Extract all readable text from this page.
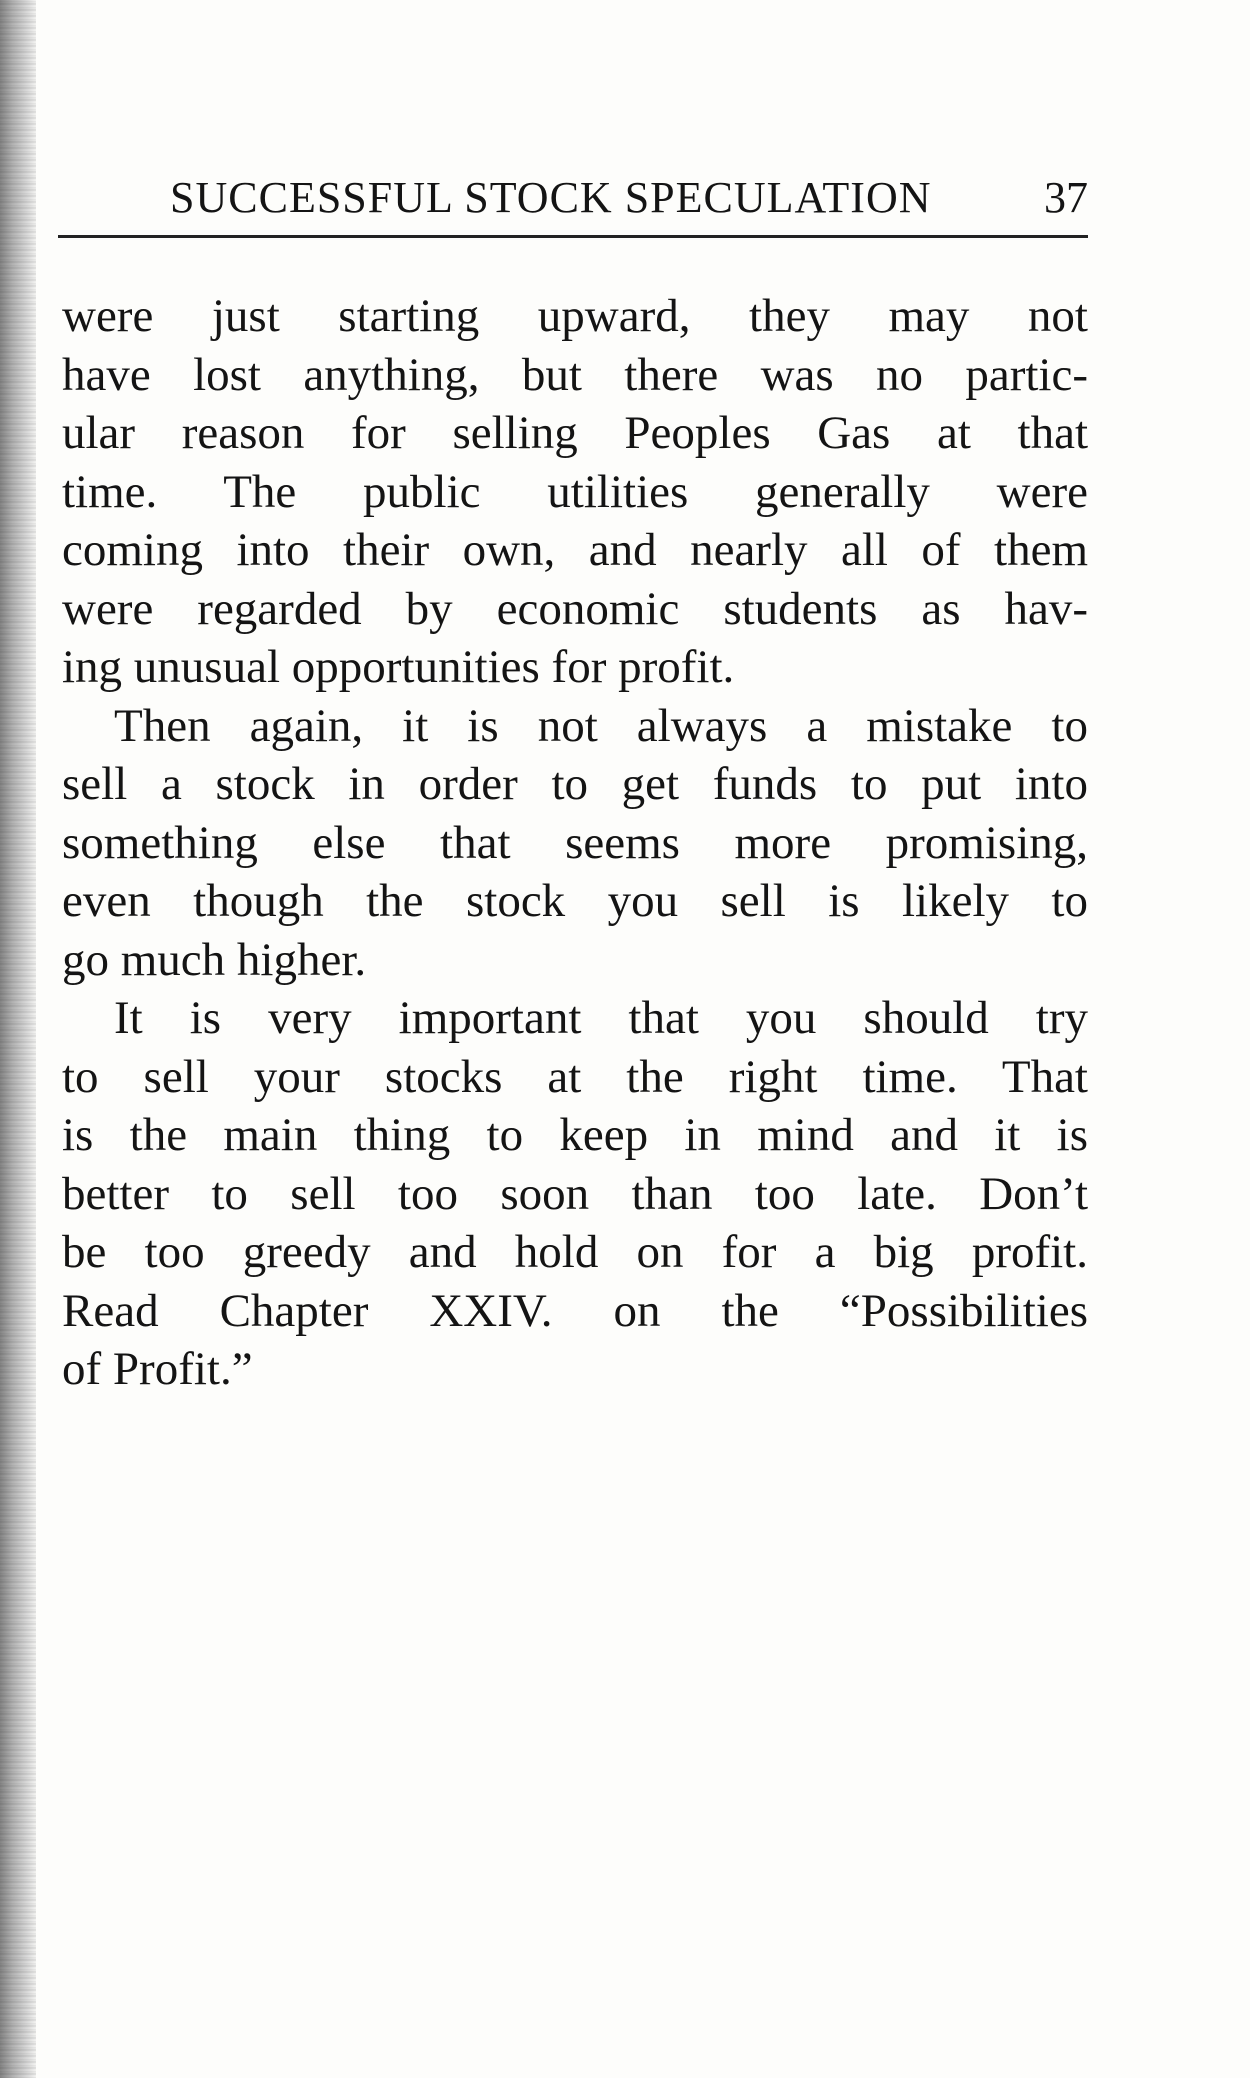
SUCCESSFUL STOCK SPECULATION	37
were just starting upward, they may not
have lost anything, but there was no partic-
ular reason for selling Peoples Gas at that
time. The public utilities generally were
coming into their own, and nearly all of them
were regarded by economic students as hav-
ing unusual opportunities for profit.
Then again, it is not always a mistake to
sell a stock in order to get funds to put into
something else that seems more promising,
even though the stock you sell is likely to
go much higher.
It is very important that you should try
to sell your stocks at the right time. That
is the main thing to keep in mind and it is
better to sell too soon than too late. Don’t
be too greedy and hold on for a big profit.
Read Chapter XXIV. on the “Possibilities
of Profit.”
